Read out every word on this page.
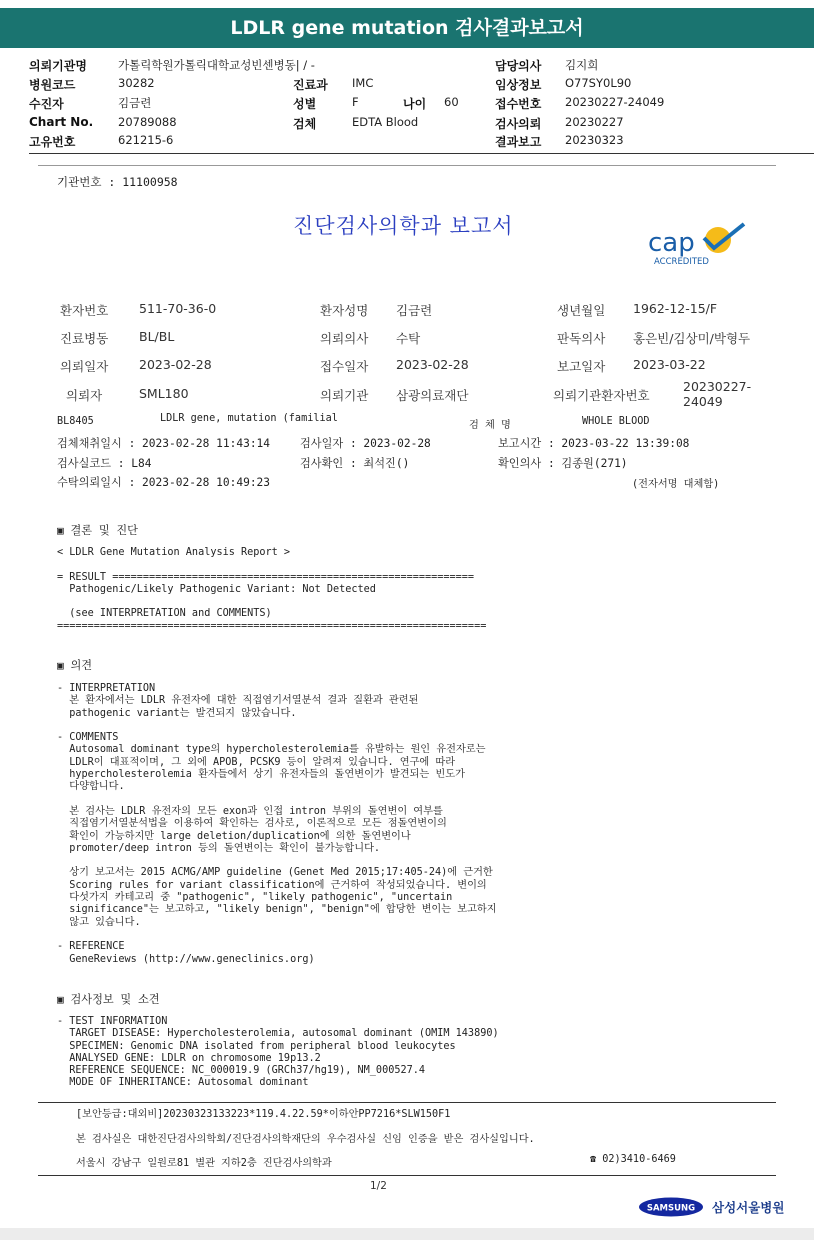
LDLR gene mutation 검사결과보고서
의뢰기관명	가톨릭학원가톨릭대학교성빈센병동| / -	담당의사 김지희
병원코드	30282	진료과 IMC	임상정보 O77SY0L90
수진자	김금련	성별	F	나이 60	접수번호 20230227-24049
Chart No. 20789088	검체	EDTA Blood	검사의뢰 20230227
고유번호	621215-6	결과보고 20230323
기관번호 : 11100958
진단검사의학과 보고서
cap
ACCREDITED
환자번호 511-70-36-0	환자성명 김금련	생년월일 1962-12-15/F
진료병동 BL/BL	의뢰의사 수탁	판독의사 홍은빈/김상미/박형두
의뢰일자 2023-02-28	접수일자 2023-02-28	보고일자 2023-03-22
의뢰자	SML180	의뢰기관 삼광의료재단	의뢰기관환자번호
20230227-
24049
BL8405	LDLR gene, mutation (familial
검 체 명	WHOLE BLOOD
검체채취일시 : 2023-02-28 11:43:14	검사일자 : 2023-02-28	보고시간 : 2023-03-22 13:39:08
검사실코드 : L84	검사확인 : 최석진()	확인의사 : 김종원(271)
수탁의뢰일시 : 2023-02-28 10:49:23	(전자서명 대체함)
▣ 결론 및 진단
< LDLR Gene Mutation Analysis Report >

= RESULT ===========================================================
Pathogenic/Likely Pathogenic Variant: Not Detected

(see INTERPRETATION and COMMENTS)
======================================================================
▣ 의견
- INTERPRETATION
본 환자에서는 LDLR 유전자에 대한 직접염기서열분석 결과 질환과 관련된
pathogenic variant는 발견되지 않았습니다.

- COMMENTS
Autosomal dominant type의 hypercholesterolemia를 유발하는 원인 유전자로는
LDLR이 대표적이며, 그 외에 APOB, PCSK9 등이 알려져 있습니다. 연구에 따라
hypercholesterolemia 환자들에서 상기 유전자들의 돌연변이가 발견되는 빈도가
다양합니다.

본 검사는 LDLR 유전자의 모든 exon과 인접 intron 부위의 돌연변이 여부를
직접염기서열분석법을 이용하여 확인하는 검사로, 이론적으로 모든 점돌연변이의
확인이 가능하지만 large deletion/duplication에 의한 돌연변이나
promoter/deep intron 등의 돌연변이는 확인이 불가능합니다.

상기 보고서는 2015 ACMG/AMP guideline (Genet Med 2015;17:405-24)에 근거한
Scoring rules for variant classification에 근거하여 작성되었습니다. 변이의
다섯가지 카테고리 중 "pathogenic", "likely pathogenic", "uncertain
significance"는 보고하고, "likely benign", "benign"에 합당한 변이는 보고하지
않고 있습니다.

- REFERENCE
GeneReviews (http://www.geneclinics.org)
▣ 검사정보 및 소견
- TEST INFORMATION
TARGET DISEASE: Hypercholesterolemia, autosomal dominant (OMIM 143890)
SPECIMEN: Genomic DNA isolated from peripheral blood leukocytes
ANALYSED GENE: LDLR on chromosome 19p13.2
REFERENCE SEQUENCE: NC_000019.9 (GRCh37/hg19), NM_000527.4
MODE OF INHERITANCE: Autosomal dominant
[보안등급:대외비]20230323133223*119.4.22.59*이하안PP7216*SLW150F1
본 검사실은 대한진단검사의학회/진단검사의학재단의 우수검사실 신임 인증을 받은 검사실입니다.
서울시 강남구 일원로81 별관 지하2층 진단검사의학과	☎ 02)3410-6469
1/2
SAMSUNG 삼성서울병원
